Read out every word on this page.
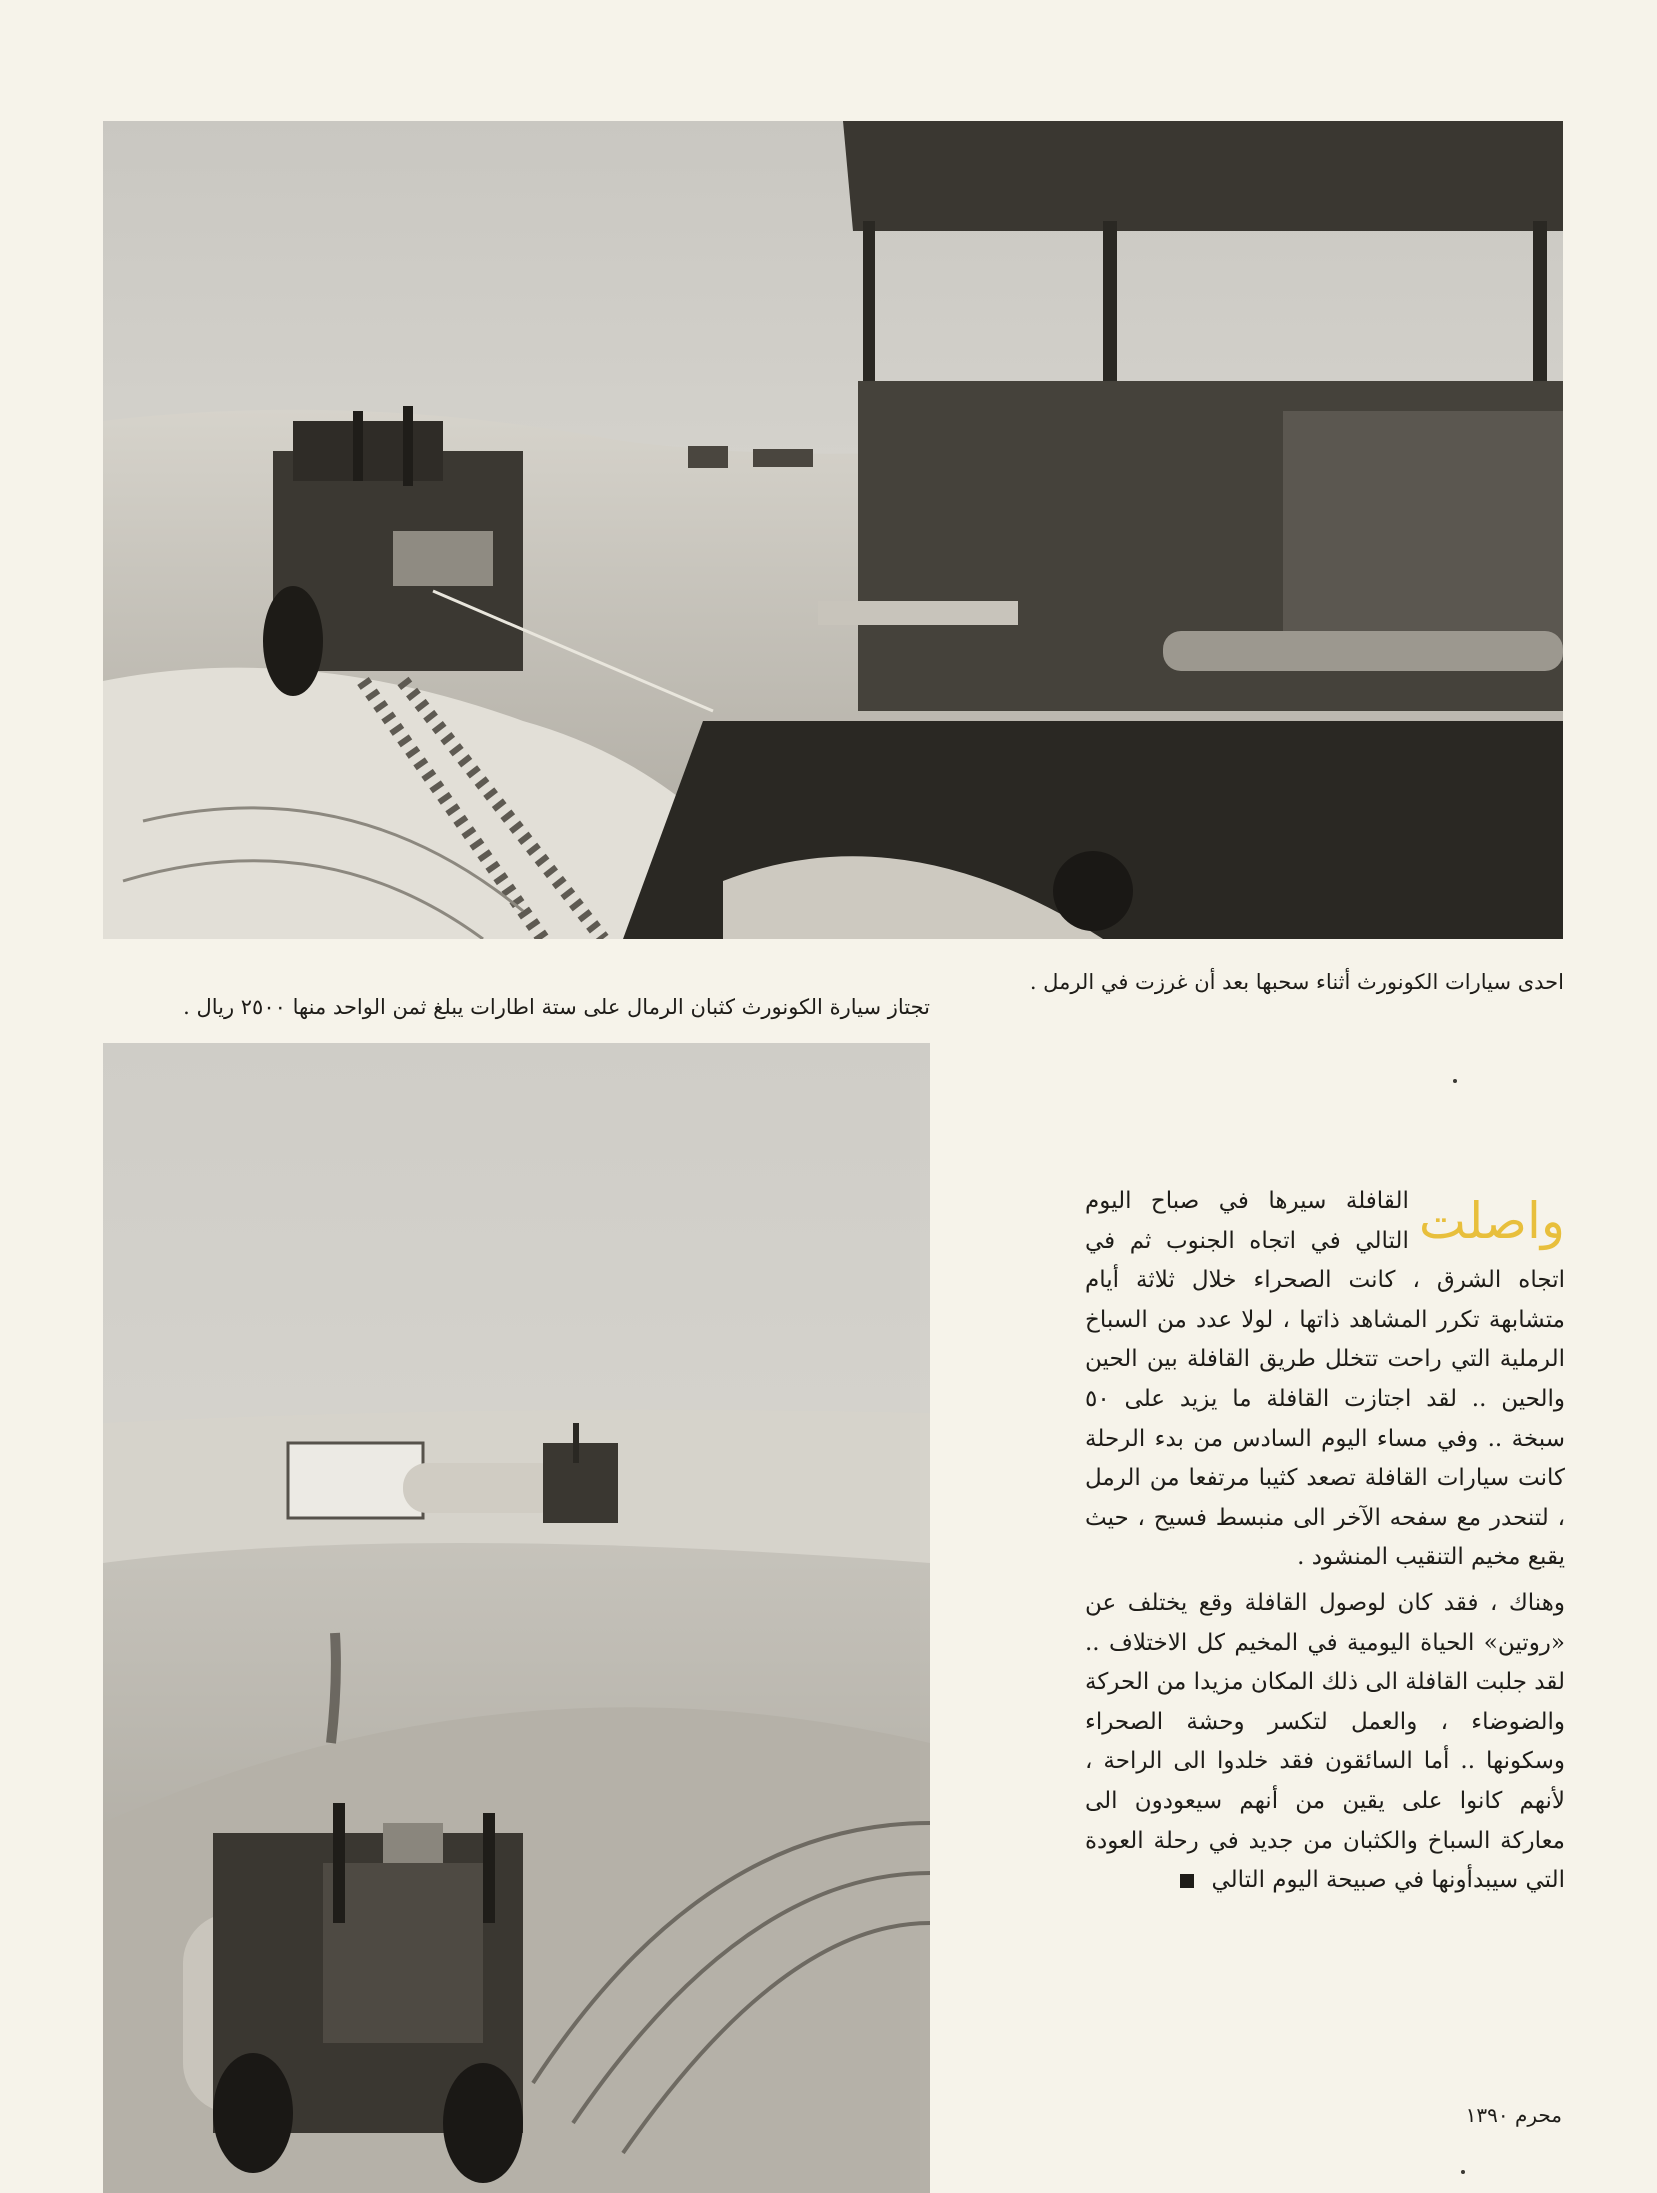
احدى سيارات الكونورث أثناء سحبها بعد أن غرزت في الرمل .
تجتاز سيارة الكونورث كثبان الرمال على ستة اطارات يبلغ ثمن الواحد منها ٢٥٠٠ ريال .

واصلت
القافلة سيرها في صباح اليوم التالي في اتجاه الجنوب ثم في اتجاه الشرق ، كانت الصحراء خلال ثلاثة أيام متشابهة تكرر المشاهد ذاتها ، لولا عدد من السباخ الرملية التي راحت تتخلل طريق القافلة بين الحين والحين .. لقد اجتازت القافلة ما يزيد على ٥٠ سبخة .. وفي مساء اليوم السادس من بدء الرحلة كانت سيارات القافلة تصعد كثيبا مرتفعا من الرمل ، لتنحدر مع سفحه الآخر الى منبسط فسيح ، حيث يقبع مخيم التنقيب المنشود .

وهناك ، فقد كان لوصول القافلة وقع يختلف عن «روتين» الحياة اليومية في المخيم كل الاختلاف .. لقد جلبت القافلة الى ذلك المكان مزيدا من الحركة والضوضاء ، والعمل لتكسر وحشة الصحراء وسكونها .. أما السائقون فقد خلدوا الى الراحة ، لأنهم كانوا على يقين من أنهم سيعودون الى معاركة السباخ والكثبان من جديد في رحلة العودة التي سيبدأونها في صبيحة اليوم التالي

محرم ١٣٩٠
